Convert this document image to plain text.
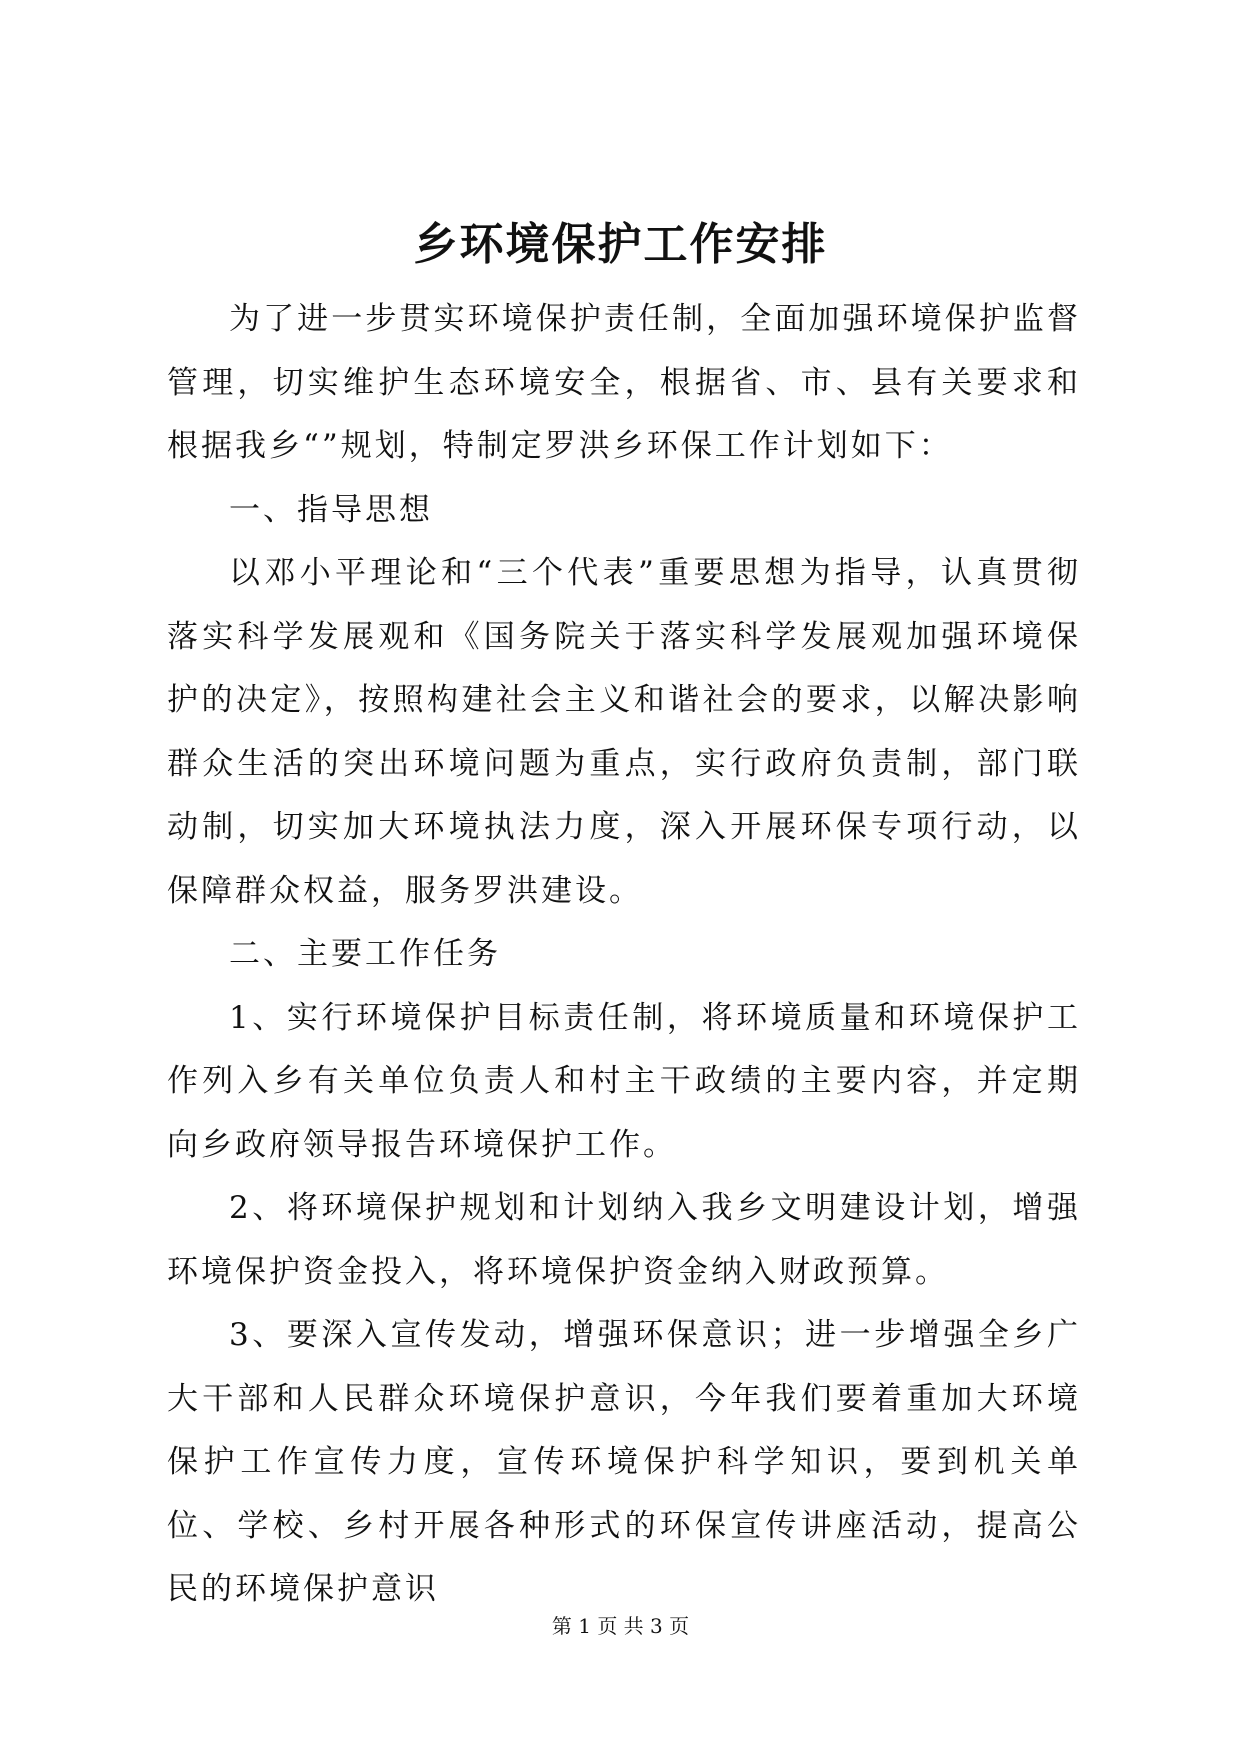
乡环境保护工作安排

为了进一步贯实环境保护责任制，全面加强环境保护监督管理，切实维护生态环境安全，根据省、市、县有关要求和根据我乡“”规划，特制定罗洪乡环保工作计划如下：

一、指导思想

以邓小平理论和“三个代表”重要思想为指导，认真贯彻落实科学发展观和《国务院关于落实科学发展观加强环境保护的决定》，按照构建社会主义和谐社会的要求，以解决影响群众生活的突出环境问题为重点，实行政府负责制，部门联动制，切实加大环境执法力度，深入开展环保专项行动，以保障群众权益，服务罗洪建设。

二、主要工作任务

1、实行环境保护目标责任制，将环境质量和环境保护工作列入乡有关单位负责人和村主干政绩的主要内容，并定期向乡政府领导报告环境保护工作。

2、将环境保护规划和计划纳入我乡文明建设计划，增强环境保护资金投入，将环境保护资金纳入财政预算。

3、要深入宣传发动，增强环保意识；进一步增强全乡广大干部和人民群众环境保护意识，今年我们要着重加大环境保护工作宣传力度，宣传环境保护科学知识，要到机关单位、学校、乡村开展各种形式的环保宣传讲座活动，提高公民的环境保护意识

第 1 页 共 3 页
